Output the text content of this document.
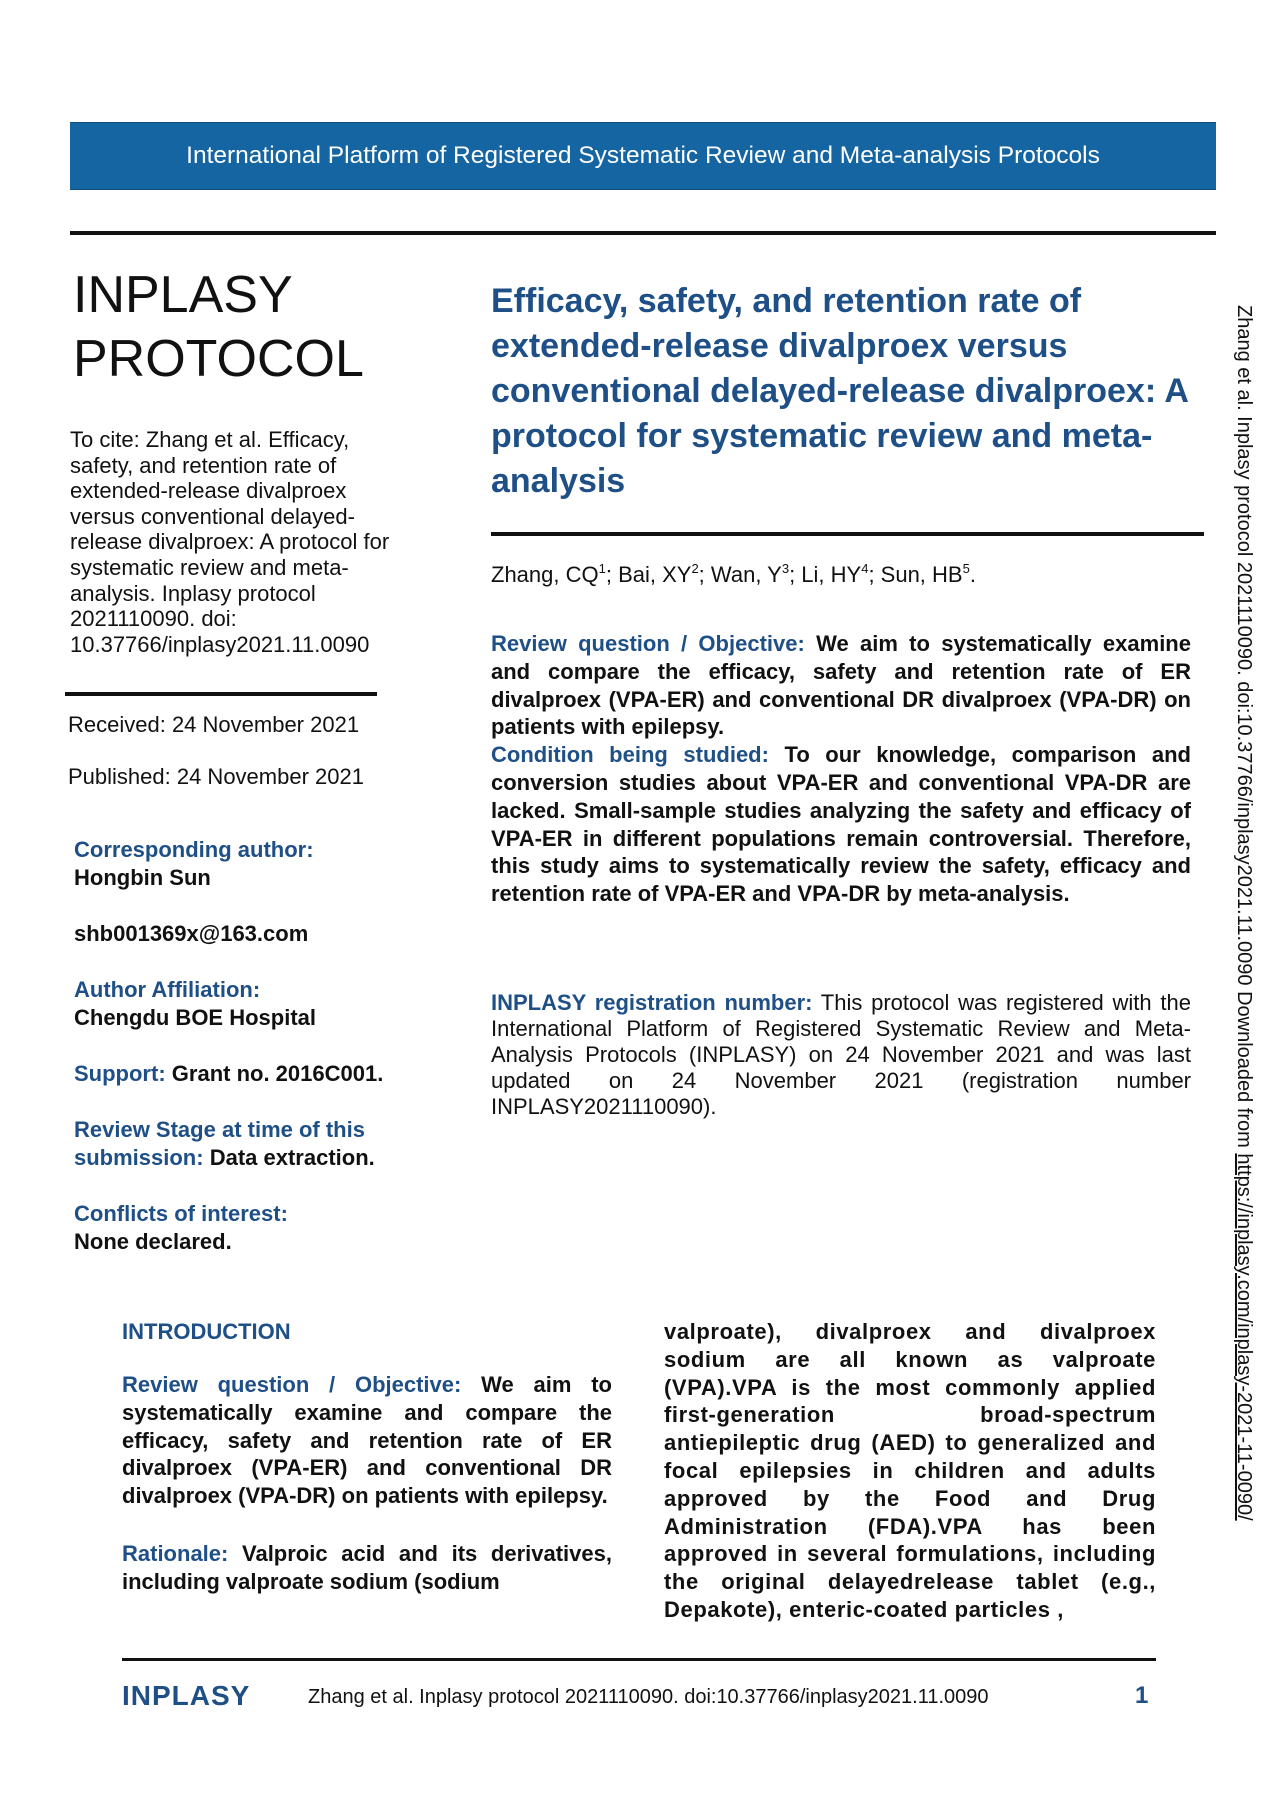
International Platform of Registered Systematic Review and Meta-analysis Protocols
INPLASY
PROTOCOL
To cite: Zhang et al. Efficacy, safety, and retention rate of extended-release divalproex versus conventional delayed-release divalproex: A protocol for systematic review and meta-analysis. Inplasy protocol 2021110090. doi: 10.37766/inplasy2021.11.0090
Received: 24 November 2021
Published: 24 November 2021
Corresponding author:
Hongbin Sun
shb001369x@163.com
Author Affiliation:
Chengdu BOE Hospital
Support: Grant no. 2016C001.
Review Stage at time of this submission: Data extraction.
Conflicts of interest:
None declared.
Efficacy, safety, and retention rate of extended-release divalproex versus conventional delayed-release divalproex: A protocol for systematic review and meta-analysis
Zhang, $CQ^1$; Bai, $XY^2$; Wan, $Y^3$; Li, $HY^4$; Sun, $HB^5$.

Review question / Objective: We aim to systematically examine and compare the efficacy, safety and retention rate of ER divalproex (VPA-ER) and conventional DR divalproex (VPA-DR) on patients with epilepsy.

Condition being studied: To our knowledge, comparison and conversion studies about VPA-ER and conventional VPA-DR are lacked. Small-sample studies analyzing the safety and efficacy of VPA-ER in different populations remain controversial. Therefore, this study aims to systematically review the safety, efficacy and retention rate of VPA-ER and VPA-DR by meta-analysis.

INPLASY registration number: This protocol was registered with the International Platform of Registered Systematic Review and Meta-Analysis Protocols (INPLASY) on 24 November 2021 and was last updated on 24 November 2021 (registration number INPLASY2021110090).
INTRODUCTION
Review question / Objective: We aim to systematically examine and compare the efficacy, safety and retention rate of ER divalproex (VPA-ER) and conventional DR divalproex (VPA-DR) on patients with epilepsy.
Rationale: Valproic acid and its derivatives, including valproate sodium (sodium
valproate), divalproex and divalproex sodium are all known as valproate (VPA).VPA is the most commonly applied first-generation broad-spectrum antiepileptic drug (AED) to generalized and focal epilepsies in children and adults approved by the Food and Drug Administration (FDA).VPA has been approved in several formulations, including the original delayedrelease tablet (e.g., Depakote), enteric-coated particles ,
INPLASY	Zhang et al. Inplasy protocol 2021110090. doi:10.37766/inplasy2021.11.0090	1
Zhang et al. Inplasy protocol 2021110090. doi:10.37766/inplasy2021.11.0090 Downloaded from https://inplasy.com/inplasy-2021-11-0090/
